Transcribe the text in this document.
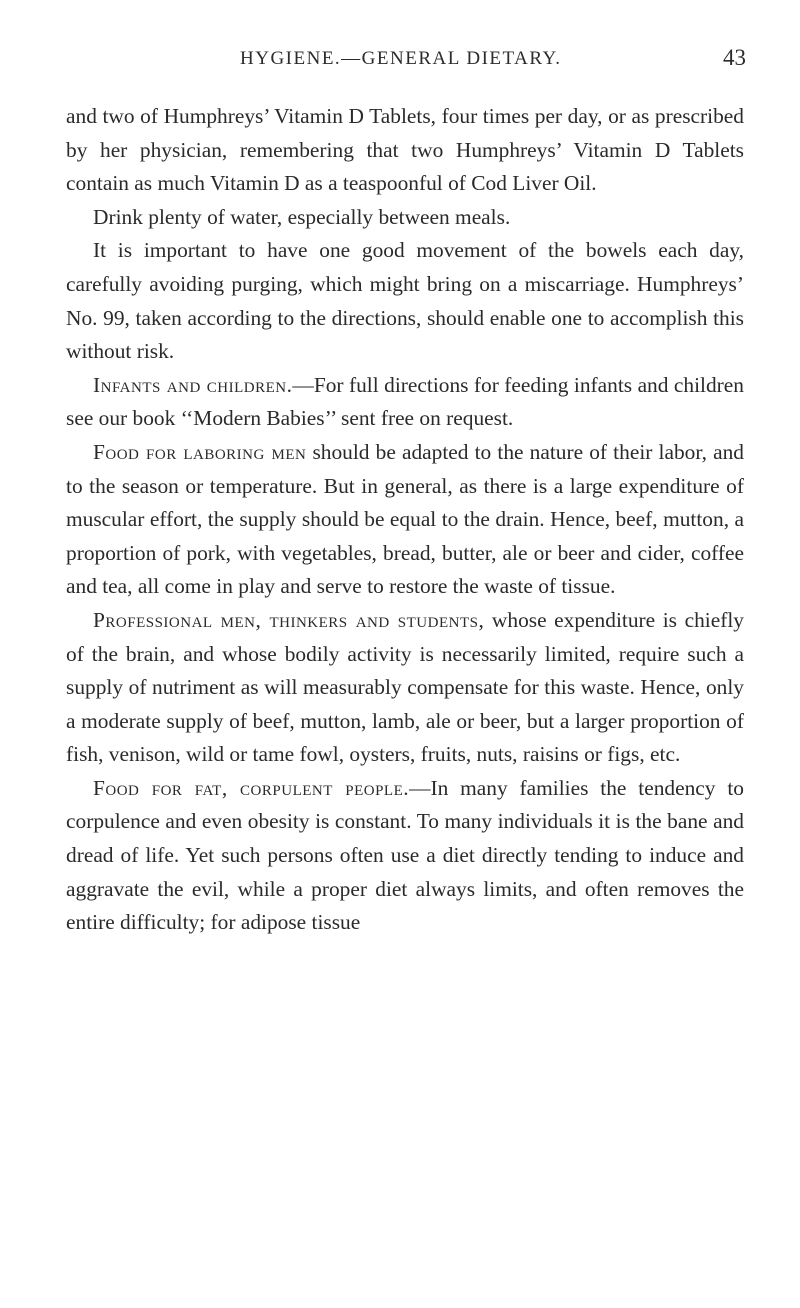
HYGIENE.—GENERAL DIETARY.	43

and two of Humphreys’ Vitamin D Tablets, four times per day, or as prescribed by her physician, remembering that two Humphreys’ Vitamin D Tablets contain as much Vitamin D as a teaspoonful of Cod Liver Oil.

Drink plenty of water, especially between meals.

It is important to have one good movement of the bowels each day, carefully avoiding purging, which might bring on a miscarriage. Humphreys’ No. 99, taken according to the directions, should enable one to accomplish this without risk.

Infants and children.—For full directions for feeding infants and children see our book ‘‘Modern Babies’’ sent free on request.

Food for laboring men should be adapted to the nature of their labor, and to the season or temperature. But in general, as there is a large expenditure of muscular effort, the supply should be equal to the drain. Hence, beef, mutton, a proportion of pork, with vegetables, bread, butter, ale or beer and cider, coffee and tea, all come in play and serve to restore the waste of tissue.

Professional men, thinkers and students, whose expenditure is chiefly of the brain, and whose bodily activity is necessarily limited, require such a supply of nutriment as will measurably compensate for this waste. Hence, only a moderate supply of beef, mutton, lamb, ale or beer, but a larger proportion of fish, venison, wild or tame fowl, oysters, fruits, nuts, raisins or figs, etc.

Food for fat, corpulent people.—In many families the tendency to corpulence and even obesity is constant. To many individuals it is the bane and dread of life. Yet such persons often use a diet directly tending to induce and aggravate the evil, while a proper diet always limits, and often removes the entire difficulty; for adipose tissue
